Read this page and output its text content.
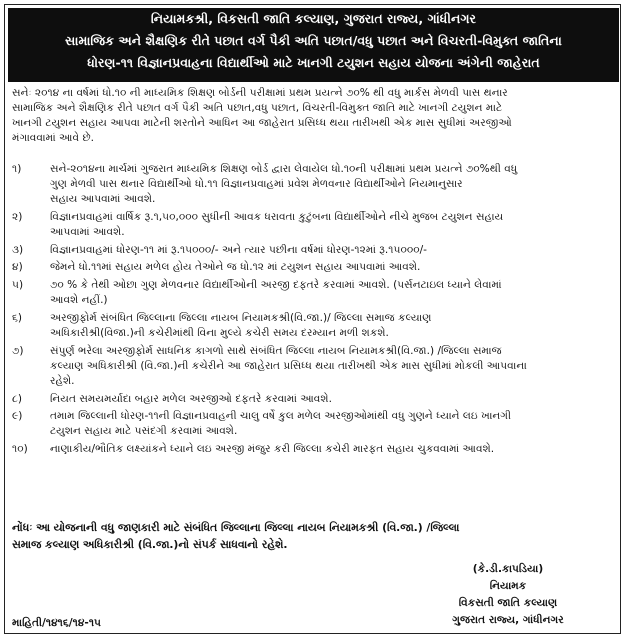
નિયામકશ્રી, વિકસતી જાતિ કલ્યાણ, ગુજરાત રાજ્ય, ગાંધીનગર
સામાજિક અને શૈક્ષણિક રીતે પછાત વર્ગ પૈકી અતિ પછાત/વધુ પછાત અને વિચરતી-વિમુક્ત જાતિના
ધોરણ-૧૧ વિજ્ઞાનપ્રવાહના વિદ્યાર્થીઓ માટે ખાનગી ટયુશન સહાય યોજના અંગેની જાહેરાત
સનેઃ ૨૦૧૪ ના વર્ષમાં ધો.૧૦ ની માધ્યમિક શિક્ષણ બોર્ડની પરીક્ષામાં પ્રથમ પ્રયત્ને ૭૦% થી વધુ માર્કસ મેળવી પાસ થનાર
સામાજિક અને શૈક્ષણિક રીતે પછાત વર્ગ પૈકી અતિ પછાત,વધુ પછાત, વિચરતી-વિમુક્ત જાતિ માટે ખાનગી ટયુશન માટે
ખાનગી ટયુશન સહાય આપવા માટેની શરતોને આધિન આ જાહેરાત પ્રસિધ્ધ થયા તારીખથી એક માસ સુધીમાં અરજીઓ
મંગાવવામાં આવે છે.
૧)	સને-૨૦૧૪ના માર્ચમાં ગુજરાત માધ્યમિક શિક્ષણ બોર્ડ દ્વારા લેવાયેલ ધો.૧૦ની પરીક્ષામાં પ્રથમ પ્રયત્ને ૭૦%થી વધુ
ગુણ મેળવી પાસ થનાર વિદ્યાર્થીઓ ધો.૧૧ વિજ્ઞાનપ્રવાહમાં પ્રવેશ મેળવનાર વિદ્યાર્થીઓને નિયમાનુસાર
સહાય આપવામાં આવશે.
૨)	વિજ્ઞાનપ્રવાહમાં વાર્ષિક રૂ.૧,૫૦,૦૦૦ સુધીની આવક ધરાવતા કુટુંબના વિદ્યાર્થીઓને નીચે મુજબ ટયુશન સહાય
આપવામાં આવશે.
૩)	વિજ્ઞાનપ્રવાહમાં ધોરણ-૧૧ માં રૂ.૧૫૦૦૦/- અને ત્યાર પછીના વર્ષમાં ધોરણ-૧૨માં રૂ.૧૫૦૦૦/-
૪)	જેમને ધો.૧૧માં સહાય મળેલ હોય તેઓને જ ધો.૧૨ માં ટયુશન સહાય આપવામાં આવશે.
૫)	૭૦ % કે તેથી ઓછા ગુણ મેળવનાર વિદ્યાર્થીઓની અરજી દફતરે કરવામાં આવશે. (પર્સનટાઇલ ધ્યાને લેવામાં
આવશે નહીં.)
૬)	અરજીફોર્મ સંબંધિત જિલ્લાના જિલ્લા નાયબ નિયામકશ્રી(વિ.જા.)/ જિલ્લા સમાજ કલ્યાણ
અધિકારીશ્રી(વિજા.)ની કચેરીમાંથી વિના મુલ્યે કચેરી સમય દરમ્યાન મળી શકશે.
૭)	સંપુર્ણ ભરેલા અરજીફોર્મ સાધનિક કાગળો સાથે સંબંધિત જિલ્લા નાયબ નિયામકશ્રી(વિ.જા.) /જિલ્લા સમાજ
કલ્યાણ અધિકારીશ્રી (વિ.જા.)ની કચેરીને આ જાહેરાત પ્રસિધ્ધ થયા તારીખથી એક માસ સુધીમાં મોકલી આપવાના
રહેશે.
૮)	નિયત સમયમર્યાદા બહાર મળેલ અરજીઓ દફતરે કરવામાં આવશે.
૯)	તમામ જિલ્લાની ધોરણ-૧૧ની વિજ્ઞાનપ્રવાહની ચાલુ વર્ષે કુલ મળેલ અરજીઓમાંથી વધુ ગુણને ધ્યાને લઇ ખાનગી
ટયુશન સહાય માટે પસંદગી કરવામાં આવશે.
૧૦)	નાણાકીય/ભૌતિક લક્ષ્યાંકને ધ્યાને લઇ અરજી મંજુર કરી જિલ્લા કચેરી મારફત સહાય ચુકવવામાં આવશે.
નોંધઃ આ યોજનાની વધુ જાણકારી માટે સંબંધિત જિલ્લાના જિલ્લા નાયબ નિયામકશ્રી (વિ.જા.) /જિલ્લા
સમાજ કલ્યાણ અધિકારીશ્રી (વિ.જા.)નો સંપર્ક સાધવાનો રહેશે.
(કે.ડી.કાપડિયા)
નિયામક
વિકસતી જાતિ કલ્યાણ
ગુજરાત રાજ્ય, ગાંધીનગર
માહિતી/૧૪૧૬/૧૪-૧૫
